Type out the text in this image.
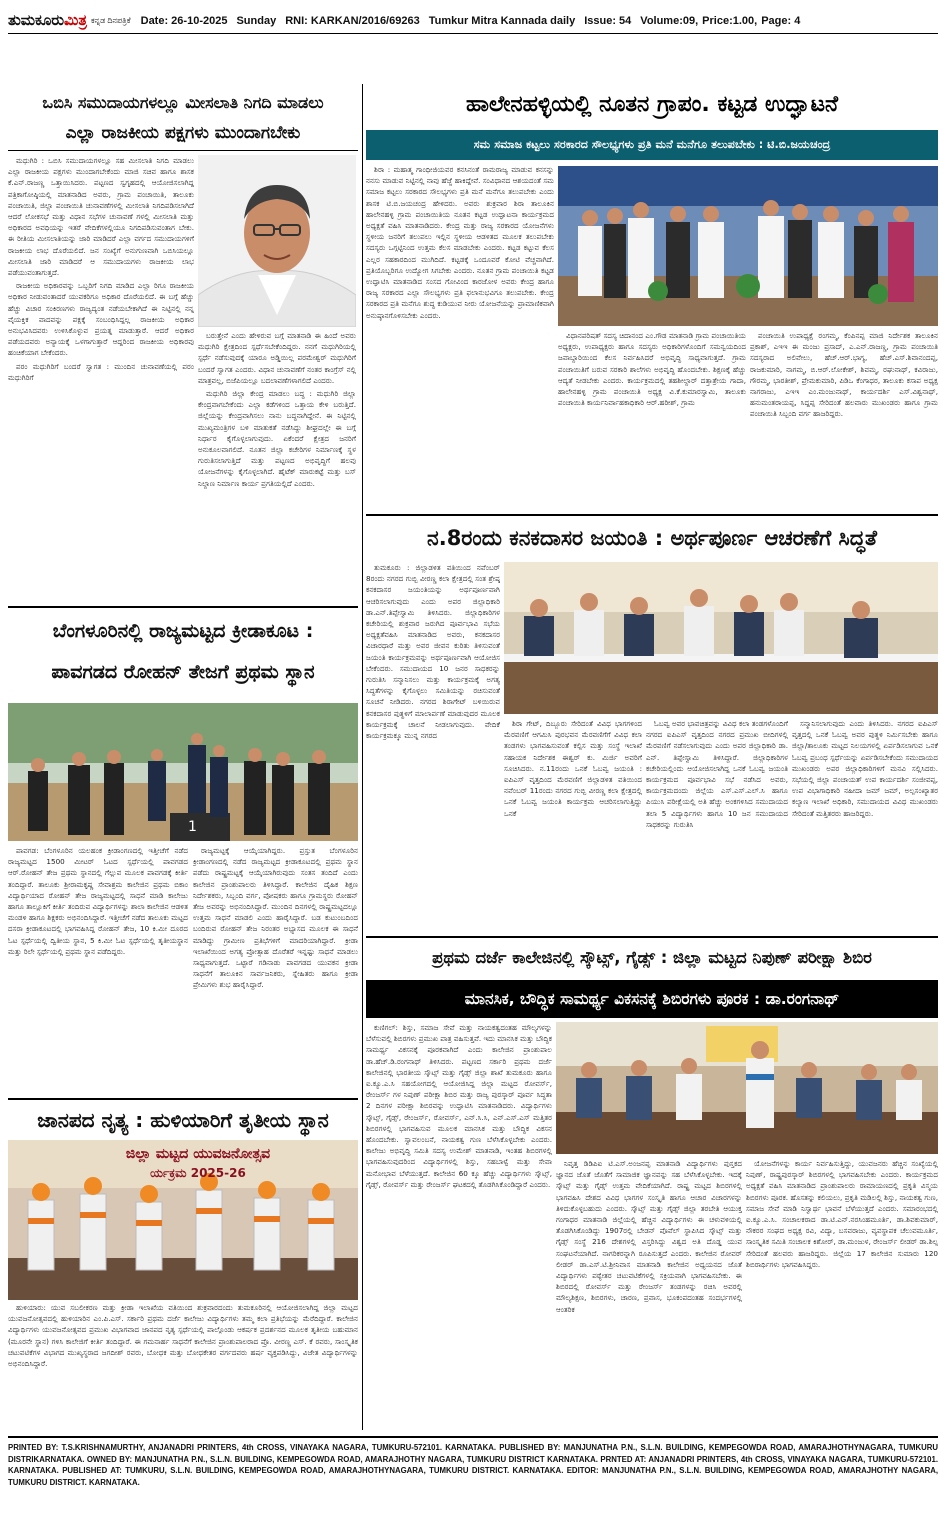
ತುಮಕೂರುಮಿತ್ರ ಕನ್ನಡ ದಿನಪತ್ರಿಕೆ Date: 26-10-2025 Sunday RNI: KARKAN/2016/69263 Tumkur Mitra Kannada daily Issue: 54 Volume:09, Price:1.00, Page: 4
ಒಬಿಸಿ ಸಮುದಾಯಗಳಲ್ಲೂ ಮೀಸಲಾತಿ ನಿಗದಿ ಮಾಡಲು
ಎಲ್ಲಾ ರಾಜಕೀಯ ಪಕ್ಷಗಳು ಮುಂದಾಗಬೇಕು

ಮಧುಗಿರಿ : ಒಬಿಸಿ ಸಮುದಾಯಗಳಲ್ಲೂ ಸಹ ಮೀಸಲಾತಿ ನಿಗದಿ ಮಾಡಲು ಎಲ್ಲಾ ರಾಜಕೀಯ ಪಕ್ಷಗಳು ಮುಂದಾಗಬೇಕೆಂದು ಮಾಜಿ ಸಚಿವ ಹಾಗೂ ಶಾಸಕ ಕೆ.ಎನ್.ರಾಜಣ್ಣ ಒತ್ತಾಯಿಸಿದರು. ಪಟ್ಟಣದ ಸ್ವಗೃಹದಲ್ಲಿ ಆಯೋಜಿಸಲಾಗಿದ್ದ ಪತ್ರಿಕಾಗೋಷ್ಠಿಯಲ್ಲಿ ಮಾತನಾಡಿದ ಅವರು, ಗ್ರಾಮ ಪಂಚಾಯಿತಿ, ತಾಲೂಕು ಪಂಚಾಯಿತಿ, ಜಿಲ್ಲಾ ಪಂಚಾಯಿತಿ ಚುನಾವಣೆಗಳಲ್ಲಿ ಮೀಸಲಾತಿ ನಿಗದಿಪಡಿಸಲಾಗಿದೆ ಆದರೆ ಲೋಕಸಭೆ ಮತ್ತು ವಿಧಾನ ಸಭೆಗಳ ಚುನಾವಣೆ ಗಳಲ್ಲಿ ಮೀಸಲಾತಿ ಮತ್ತು ಅಧಿಕಾರದ ಅವಧಿಯನ್ನು ಇತರೆ ವೇದಿಕೆಗಳಲ್ಲಿಯೂ ನಿಗದಿಪಡಿಸುವಂತಾಗ ಬೇಕು. ಈ ರೀತಿಯ ಮೀಸಲಾತಿಯನ್ನು ಜಾರಿ ಮಾಡಿದರೆ ಎಲ್ಲಾ ವರ್ಗದ ಸಮುದಾಯಗಳಿಗೆ ರಾಜಕೀಯ ಲಾಭ ದೊರೆಯಲಿದೆ. ಜನ ಸಂಖ್ಯೆಗೆ ಅನುಗುಣವಾಗಿ ಒಬಿಸಿಯಲ್ಲೂ ಮೀಸಲಾತಿ ಜಾರಿ ಮಾಡಿದರೆ ಆ ಸಮುದಾಯಗಳು ರಾಜಕೀಯ ಲಾಭ ಪಡೆಯುವಂತಾಗುತ್ತದೆ.

ರಾಜಕೀಯ ಅಧಿಕಾರವನ್ನು ಒಬ್ಬರಿಗೆ ನಿಗದಿ ಮಾಡಿದ ಎಲ್ಲಾ ರಿಗೂ ರಾಜಕೀಯ ಅಧಿಕಾರ ನೀಡುವಂತಾದರೆ ಯುವಕರಿಗೂ ಅಧಿಕಾರ ದೊರೆಯಲಿದೆ. ಈ ಬಗ್ಗೆ ಹೆಚ್ಚು ಹೆಚ್ಚು ವಿಚಾರ ಸಂಕಿರಣಗಳು ರಾಜ್ಯದ್ಯಂತ ನಡೆಯಬೇಕಾಗಿದೆ ಈ ನಿಟ್ಟಿನಲ್ಲಿ ನನ್ನ ವೈಯಕ್ತಿಕ ವಾದವನ್ನು ಪಕ್ಷಕ್ಕೆ ಸಂಬಂಧಿಸಿದ್ದಲ್ಲ ರಾಜಕೀಯ ಅಧಿಕಾರ ಅನುಭವಿಸಿದವರು ಉಳಿಸಿಕೊಳ್ಳುವ ಪ್ರಯತ್ನ ಮಾಡುತ್ತಾರೆ. ಆದರೆ ಅಧಿಕಾರ ಪಡೆಯದವರು ಅನ್ಯಾಯಕ್ಕೆ ಒಳಗಾಗುತ್ತಾರೆ ಆದ್ದರಿಂದ ರಾಜಕೀಯ ಅಧಿಕಾರವು ಹಂಚಿಕೆಯಾಗ ಬೇಕೆಂದರು.

ಪರಂ ಮಧುಗಿರಿಗೆ ಬಂದರೆ ಸ್ವಾಗತ : ಮುಂದಿನ ಚುನಾವಣೆಯಲ್ಲಿ ಪರಂ ಮಧುಗಿರಿಗೆ

ಬರುತ್ತೇನೆ ಎಂದು ಹೇಳಿರುವ ಬಗ್ಗೆ ಮಾತನಾಡಿ ಈ ಹಿಂದೆ ಅವರು ಮಧುಗಿರಿ ಕ್ಷೇತ್ರದಿಂದ ಸ್ಪರ್ಧೆಸಬೇಕೆಂದಿದ್ದರು. ನನಗೆ ಮಧುಗಿರಿಯಲ್ಲಿ ಸ್ಪರ್ಧೆ ನಡೆಸುವುದಕ್ಕೆ ಯಾರೂ ಅಡ್ಡಿಯಿಲ್ಲ ಪರಮೇಶ್ವರ್ ಮಧುಗಿರಿಗೆ ಬಂದರೆ ಸ್ವಾಗತ ಎಂದರು. ವಿಧಾನ ಚುನಾವಣೆಗೆ ನಂತರ ಕಾಂಗ್ರೆಸ್ ನಲ್ಲಿ ಮಾತ್ರವಲ್ಲ, ಬಿಜೆಪಿಯಲ್ಲೂ ಬದಲಾವಣೆಗಳಾಗಲಿದೆ ಎಂದರು.

ಮಧುಗಿರಿ ಜಿಲ್ಲಾ ಕೇಂದ್ರ ಮಾಡಲು ಬದ್ಧ : ಮಧುಗಿರಿ ಜಿಲ್ಲಾ ಕೇಂದ್ರವಾಗಬೇಕೆಂದು ಎಲ್ಲಾ ಕಡೆಗಳಿಂದ ಒತ್ತಾಯ ಕೇಳಿ ಬರುತ್ತಿದೆ. ಜಿಲ್ಲೆಯನ್ನು ಕೇಂದ್ರವಾಗಿಸಲು ನಾನು ಬದ್ಧನಾಗಿದ್ದೇನೆ. ಈ ನಿಟ್ಟಿನಲ್ಲಿ ಮುಖ್ಯಮಂತ್ರಿಗಳ ಬಳಿ ಮಾತುಕತೆ ನಡೆಸಿದ್ದು ಶೀಘ್ರದಲ್ಲೇ ಈ ಬಗ್ಗೆ ನಿರ್ಧಾರ ಕೈಗೊಳ್ಳಲಾಗುವುದು. ಏಕೆಂದರೆ ಕ್ಷೇತ್ರದ ಜನರಿಗೆ ಅನುಕೂಲವಾಗಲಿದೆ. ನೂತನ ಜಿಲ್ಲಾ ಕಚೇರಿಗಳ ನಿರ್ಮಾಣಕ್ಕೆ ಸ್ಥಳ ಗುರುತಿಸಲಾಗುತ್ತಿದೆ ಮತ್ತು ಪಟ್ಟಣದ ಅಭಿವೃದ್ಧಿಗೆ ಹಲವು ಯೋಜನೆಗಳನ್ನು ಕೈಗೊಳ್ಳಲಾಗಿದೆ. ಹೈಟೆಕ್ ಮಾರುಕಟ್ಟೆ ಮತ್ತು ಬಸ್ ನಿಲ್ದಾಣ ನಿರ್ಮಾಣ ಕಾರ್ಯ ಪ್ರಗತಿಯಲ್ಲಿದೆ ಎಂದರು.

ಬೆಂಗಳೂರಿನಲ್ಲಿ ರಾಜ್ಯಮಟ್ಟದ ಕ್ರೀಡಾಕೂಟ :
ಪಾವಗಡದ ರೋಹನ್ ತೇಜಗೆ ಪ್ರಥಮ ಸ್ಥಾನ
1

ಪಾವಗಡ: ಬೆಂಗಳೂರಿನ ಯಲಹಂಕ ಕ್ರೀಡಾಂಗಣದಲ್ಲಿ ಇತ್ತೀಚೆಗೆ ನಡೆದ ರಾಜ್ಯಮಟ್ಟದ 1500 ಮೀಟರ್ ಓಟದ ಸ್ಪರ್ಧೆಯಲ್ಲಿ ಪಾವಗಡದ ಆರ್.ರೋಹನ್ ತೇಜ ಪ್ರಥಮ ಸ್ಥಾನದಲ್ಲಿ ಗೆಲ್ಲುವ ಮೂಲಕ ಪಾವಗಡಕ್ಕೆ ಕೀರ್ತಿ ತಂದಿದ್ದಾರೆ. ತಾಲೂಕು ಶ್ರೀರಾಮಕೃಷ್ಣ ಸೇವಾಶ್ರಮ ಕಾಲೇಜಿನ ಪ್ರಥಮ ಬಿಕಾಂ ವಿದ್ಯಾರ್ಥಿಯಾದ ರೋಹನ್ ತೇಜ ರಾಜ್ಯಮಟ್ಟದಲ್ಲಿ ಸಾಧನೆ ಮಾಡಿ ಕಾಲೇಜು ಹಾಗೂ ತಾಲ್ಲೂಕಿಗೆ ಕೀರ್ತಿ ತಂದಿರುವ ವಿದ್ಯಾರ್ಥಿಗಳನ್ನು ಶಾಲಾ ಕಾಲೇಜಿನ ಆಡಳಿತ ಮಂಡಳಿ ಹಾಗೂ ಶಿಕ್ಷಕರು ಅಭಿನಂದಿಸಿದ್ದಾರೆ. ಇತ್ತೀಚೆಗೆ ನಡೆದ ತಾಲೂಕು ಮಟ್ಟದ ದಸರಾ ಕ್ರೀಡಾಕೂಟದಲ್ಲಿ ಭಾಗವಹಿಸಿದ್ದ ರೋಹನ್ ತೇಜ, 10 ಕಿ.ಮೀ ದೂರದ ಓಟ ಸ್ಪರ್ಧೆಯಲ್ಲಿ ದ್ವಿತೀಯ ಸ್ಥಾನ, 5 ಕಿ.ಮೀ ಓಟ ಸ್ಪರ್ಧೆಯಲ್ಲಿ ತೃತೀಯಸ್ಥಾನ ಮತ್ತು ರಿಲೇ ಸ್ಪರ್ಧೆಯಲ್ಲಿ ಪ್ರಥಮ ಸ್ಥಾನ ಪಡೆದಿದ್ದರು.

ರಾಜ್ಯಮಟ್ಟಕ್ಕೆ ಆಯ್ಕೆಯಾಗಿದ್ದರು. ಪ್ರಸ್ತುತ ಬೆಂಗಳೂರಿನ ಕ್ರೀಡಾಂಗಣದಲ್ಲಿ ನಡೆದ ರಾಜ್ಯಮಟ್ಟದ ಕ್ರೀಡಾಕೂಟದಲ್ಲಿ ಪ್ರಥಮ ಸ್ಥಾನ ಪಡೆದು ರಾಷ್ಟ್ರಮಟ್ಟಕ್ಕೆ ಆಯ್ಕೆಯಾಗಿರುವುದು ಸಂತಸ ತಂದಿದೆ ಎಂದು ಕಾಲೇಜಿನ ಪ್ರಾಂಶುಪಾಲರು ತಿಳಿಸಿದ್ದಾರೆ. ಕಾಲೇಜಿನ ದೈಹಿಕ ಶಿಕ್ಷಣ ನಿರ್ದೇಶಕರು, ಸಿಬ್ಬಂದಿ ವರ್ಗ, ಪೋಷಕರು ಹಾಗೂ ಗ್ರಾಮಸ್ಥರು ರೋಹನ್ ತೇಜ ಅವರನ್ನು ಅಭಿನಂದಿಸಿದ್ದಾರೆ. ಮುಂದಿನ ದಿನಗಳಲ್ಲಿ ರಾಷ್ಟ್ರಮಟ್ಟದಲ್ಲೂ ಉತ್ತಮ ಸಾಧನೆ ಮಾಡಲಿ ಎಂದು ಹಾರೈಸಿದ್ದಾರೆ. ಬಡ ಕುಟುಂಬದಿಂದ ಬಂದಿರುವ ರೋಹನ್ ತೇಜ ನಿರಂತರ ಅಭ್ಯಾಸದ ಮೂಲಕ ಈ ಸಾಧನೆ ಮಾಡಿದ್ದು ಗ್ರಾಮೀಣ ಪ್ರತಿಭೆಗಳಿಗೆ ಮಾದರಿಯಾಗಿದ್ದಾರೆ. ಕ್ರೀಡಾ ಇಲಾಖೆಯಿಂದ ಅಗತ್ಯ ಪ್ರೋತ್ಸಾಹ ದೊರೆತರೆ ಇನ್ನಷ್ಟು ಸಾಧನೆ ಮಾಡಲು ಸಾಧ್ಯವಾಗುತ್ತದೆ. ಒಟ್ಟಾರೆ ಗಡಿನಾಡು ಪಾವಗಡದ ಯುವಕನ ಕ್ರೀಡಾ ಸಾಧನೆಗೆ ತಾಲೂಕಿನ ಸಾರ್ವಜನಿಕರು, ಸ್ನೇಹಿತರು ಹಾಗೂ ಕ್ರೀಡಾ ಪ್ರೇಮಿಗಳು ಶುಭ ಹಾರೈಸಿದ್ದಾರೆ.

ಜಾನಪದ ನೃತ್ಯ : ಹುಳಿಯಾರಿಗೆ ತೃತೀಯ ಸ್ಥಾನ
ಜಿಲ್ಲಾ ಮಟ್ಟದ ಯುವಜನೋತ್ಸವ
ರ್ಯಕ್ರಮ 2025-26

ಹುಳಿಯಾರು: ಯುವ ಸಬಲೀಕರಣ ಮತ್ತು ಕ್ರೀಡಾ ಇಲಾಖೆಯ ವತಿಯಿಂದ ಶುಕ್ರವಾರದಂದು ತುಮಕೂರಿನಲ್ಲಿ ಆಯೋಜಿಸಲಾಗಿದ್ದ ಜಿಲ್ಲಾ ಮಟ್ಟದ ಯುವಜನೋತ್ಸವದಲ್ಲಿ ಹುಳಿಯಾರಿನ ಎಂ.ಪಿ.ಎಸ್. ಸರ್ಕಾರಿ ಪ್ರಥಮ ದರ್ಜೆ ಕಾಲೇಜು ವಿದ್ಯಾರ್ಥಿಗಳು ತಮ್ಮ ಕಲಾ ಪ್ರತಿಭೆಯನ್ನು ಮೆರೆದಿದ್ದಾರೆ. ಕಾಲೇಜಿನ ವಿದ್ಯಾರ್ಥಿಗಳು ಯುವಜನೋತ್ಸವದ ಪ್ರಮುಖ ವಿಭಾಗವಾದ ಜಾನಪದ ನೃತ್ಯ ಸ್ಪರ್ಧೆಯಲ್ಲಿ ಪಾಲ್ಗೊಂಡು ಆಕರ್ಷಕ ಪ್ರದರ್ಶನದ ಮೂಲಕ ತೃತೀಯ ಬಹುಮಾನ (ಮೂರನೇ ಸ್ಥಾನ) ಗಳಿಸಿ ಕಾಲೇಜಿಗೆ ಕೀರ್ತಿ ತಂದಿದ್ದಾರೆ. ಈ ಗಮನಾರ್ಹ ಸಾಧನೆಗೆ ಕಾಲೇಜಿನ ಪ್ರಾಂಶುಪಾಲರಾದ ಪ್ರೊ. ವೀರಣ್ಣ ಎಸ್. ಕೆ ರವರು, ಸಾಂಸ್ಕೃತಿಕ ಚಟುವಟಿಕೆಗಳ ವಿಭಾಗದ ಮುಖ್ಯಸ್ಥರಾದ ಜಗದೀಶ್ ರವರು, ಬೋಧಕ ಮತ್ತು ಬೋಧಕೇತರ ವರ್ಗದವರು ಹರ್ಷ ವ್ಯಕ್ತಪಡಿಸಿದ್ದು, ವಿಜೇತ ವಿದ್ಯಾರ್ಥಿಗಳನ್ನು ಅಭಿನಂದಿಸಿದ್ದಾರೆ.

ಹಾಲೇನಹಳ್ಳಿಯಲ್ಲಿ ನೂತನ ಗ್ರಾಪಂ. ಕಟ್ಟಡ ಉದ್ಘಾಟನೆ
ಸಮ ಸಮಾಜ ಕಟ್ಟಲು ಸರಕಾರದ ಸೌಲಭ್ಯಗಳು ಪ್ರತಿ ಮನೆ ಮನೆಗೂ ತಲುಪಬೇಕು : ಟಿ.ಬಿ.ಜಯಚಂದ್ರ

ಶಿರಾ : ಮಹಾತ್ಮ ಗಾಂಧೀಜಿಯವರ ಕನಸಿನಂತೆ ರಾಮರಾಜ್ಯ ಮಾಡುವ ಕನಸನ್ನು ನನಸು ಮಾಡುವ ನಿಟ್ಟಿನಲ್ಲಿ ನಾವು ಹೆಜ್ಜೆ ಹಾಕಿದ್ದೇವೆ. ಸಂವಿಧಾನದ ಆಶಯದಂತೆ ಸಮ ಸಮಾಜ ಕಟ್ಟಲು ಸರಕಾರದ ಸೌಲಭ್ಯಗಳು ಪ್ರತಿ ಮನೆ ಮನೆಗೂ ತಲುಪಬೇಕು ಎಂದು ಶಾಸಕ ಟಿ.ಬಿ.ಜಯಚಂದ್ರ ಹೇಳಿದರು. ಅವರು ಶುಕ್ರವಾರ ಶಿರಾ ತಾಲೂಕಿನ ಹಾಲೇನಹಳ್ಳಿ ಗ್ರಾಮ ಪಂಚಾಯಿತಿಯ ನೂತನ ಕಟ್ಟಡ ಉದ್ಘಾಟನಾ ಕಾರ್ಯಕ್ರಮದ ಅಧ್ಯಕ್ಷತೆ ವಹಿಸಿ ಮಾತನಾಡಿದರು. ಕೇಂದ್ರ ಮತ್ತು ರಾಜ್ಯ ಸರಕಾರದ ಯೋಜನೆಗಳು ಸ್ಥಳೀಯ ಜನರಿಗೆ ತಲುಪಲು ಇಲ್ಲಿನ ಸ್ಥಳೀಯ ಆಡಳಿತದ ಮೂಲಕ ತಲುಪಬೇಕು ಸದಸ್ಯರು ಒಗ್ಗಟ್ಟಿನಿಂದ ಉತ್ತಮ ಕೆಲಸ ಮಾಡಬೇಕು ಎಂದರು. ಕಟ್ಟಡ ಕಟ್ಟುವ ಕೆಲಸ ಎಲ್ಲರ ಸಹಕಾರದಿಂದ ಮುಗಿದಿದೆ. ಕಟ್ಟಡಕ್ಕೆ ಒಂದೂವರೆ ಕೋಟಿ ವೆಚ್ಚವಾಗಿದೆ. ಪ್ರತಿಯೊಬ್ಬರಿಗೂ ಉದ್ಯೋಗ ಸಿಗಬೇಕು ಎಂದರು. ನೂತನ ಗ್ರಾಮ ಪಂಚಾಯಿತಿ ಕಟ್ಟಡ ಉದ್ಘಾಟಿಸಿ ಮಾತನಾಡಿದ ಸಂಸದ ಗೋವಿಂದ ಕಾರಜೋಳ ಅವರು ಕೇಂದ್ರ ಹಾಗೂ ರಾಜ್ಯ ಸರಕಾರದ ಎಲ್ಲಾ ಸೌಲಭ್ಯಗಳು ಪ್ರತಿ ಫಲಾನುಭವಿಗೂ ತಲುಪಬೇಕು. ಕೇಂದ್ರ ಸರಕಾರದ ಪ್ರತಿ ಮನೆಗೂ ಶುದ್ಧ ಕುಡಿಯುವ ನೀರು ಯೋಜನೆಯನ್ನು ಪ್ರಾಮಾಣಿಕವಾಗಿ ಅನುಷ್ಠಾನಗೊಳಿಸಬೇಕು ಎಂದರು.

ವಿಧಾನಪರಿಷತ್ ಸದಸ್ಯ ಚಿದಾನಂದ ಎಂ.ಗೌಡ ಮಾತನಾಡಿ ಗ್ರಾಮ ಪಂಚಾಯಿತಿಯ ಅಧ್ಯಕ್ಷರು, ಉಪಾಧ್ಯಕ್ಷರು ಹಾಗೂ ಸದಸ್ಯರು ಅಧಿಕಾರಿಗಳೊಂದಿಗೆ ಸಮನ್ವಯದಿಂದ ಜವಾಬ್ದಾರಿಯಿಂದ ಕೆಲಸ ನಿರ್ವಹಿಸಿದರೆ ಅಭಿವೃದ್ಧಿ ಸಾಧ್ಯವಾಗುತ್ತದೆ. ಗ್ರಾಮ ಪಂಚಾಯಿತಿಗೆ ಬರುವ ಸರಕಾರಿ ಶಾಲೆಗಳು ಅಭಿವೃದ್ಧಿ ಹೊಂದಬೇಕು. ಶಿಕ್ಷಣಕ್ಕೆ ಹೆಚ್ಚು ಆದ್ಯತೆ ನೀಡಬೇಕು ಎಂದರು. ಕಾರ್ಯಕ್ರಮದಲ್ಲಿ ತಹಶೀಲ್ದಾರ್ ದತ್ತಾತ್ರೇಯ ಗಾದಾ, ಹಾಲೇನಹಳ್ಳಿ ಗ್ರಾಮ ಪಂಚಾಯಿತಿ ಅಧ್ಯಕ್ಷ ವಿ.ಕೆ.ಕುಮಾರಸ್ವಾಮಿ, ತಾಲೂಕು ಪಂಚಾಯಿತಿ ಕಾರ್ಯನಿರ್ವಾಹಕಾಧಿಕಾರಿ ಆರ್.ಹರೀಶ್, ಗ್ರಾಮ

ಪಂಚಾಯಿತಿ ಉಪಾಧ್ಯಕ್ಷೆ ರಂಗಮ್ಮ, ಕೆಂಪಿನಪ್ಪ ಮಾಜಿ ನಿರ್ದೇಶಕ ತಾಲೂಕಿನ ಪ್ರಕಾಶ್, ಎಇಇ ಈ ಮಂಜು ಪ್ರಸಾದ್, ಎ.ಎನ್.ರಾಜಣ್ಣ, ಗ್ರಾಮ ಪಂಚಾಯಿತಿ ಸದಸ್ಯರಾದ ಅಲಿವೇಲು, ಹೆಚ್.ಆರ್.ಭಾಗ್ಯ, ಹೆಚ್.ಎಸ್.ಶಿವಾನಂದಪ್ಪ, ರಾಜಕುಮಾರಿ, ನಾಗಮ್ಮ, ಬಿ.ಆರ್.ಲೋಕೇಶ್, ಶಿವಮ್ಮ, ರಘುನಾಥ್, ಕವಿರಾಜು, ಗೌರಮ್ಮ, ಭಾರತೀಶ್, ಪ್ರೇಮಕುಮಾರಿ, ಪಿಡಿಒ ಕೆಂಗಾಧರ, ತಾಲೂಕು ಕಸಾಪ ಅಧ್ಯಕ್ಷ ನಾಗರಾಜು, ಎಇಇ ಎಂ.ಮಂಜುನಾಥ್, ಕಾರ್ಯದರ್ಶಿ ಎಸ್.ವಿಶ್ವನಾಥ್, ಹನುಮಂತರಾಯಪ್ಪ, ಸಿದ್ದಪ್ಪ ಸೇರಿದಂತೆ ಹಲವಾರು ಮುಖಂಡರು ಹಾಗೂ ಗ್ರಾಮ ಪಂಚಾಯಿತಿ ಸಿಬ್ಬಂದಿ ವರ್ಗ ಹಾಜರಿದ್ದರು.

ನ.8ರಂದು ಕನಕದಾಸರ ಜಯಂತಿ : ಅರ್ಥಪೂರ್ಣ ಆಚರಣೆಗೆ ಸಿದ್ಧತೆ

ತುಮಕೂರು : ಜಿಲ್ಲಾಡಳಿತ ವತಿಯಿಂದ ನವೆಂಬರ್ 8ರಂದು ನಗರದ ಗುಬ್ಬಿ ವೀರಣ್ಣ ಕಲಾ ಕ್ಷೇತ್ರದಲ್ಲಿ ಸಂತ ಶ್ರೇಷ್ಠ ಕನಕದಾಸರ ಜಯಂತಿಯನ್ನು ಅರ್ಥಪೂರ್ಣವಾಗಿ ಆಚರಿಸಲಾಗುವುದು ಎಂದು ಅಪರ ಜಿಲ್ಲಾಧಿಕಾರಿ ಡಾ.ಎನ್.ತಿಪ್ಪೇಸ್ವಾಮಿ ತಿಳಿಸಿದರು. ಜಿಲ್ಲಾಧಿಕಾರಿಗಳ ಕಚೇರಿಯಲ್ಲಿ ಶುಕ್ರವಾರ ಜರುಗಿದ ಪೂರ್ವಭಾವಿ ಸಭೆಯ ಅಧ್ಯಕ್ಷತೆವಹಿಸಿ ಮಾತನಾಡಿದ ಅವರು, ಕನಕದಾಸರ ವಿಚಾರಧಾರೆ ಮತ್ತು ಅವರ ಜೀವನ ಕುರಿತು ತಿಳಿಸುವಂತೆ ಜಯಂತಿ ಕಾರ್ಯಕ್ರಮವನ್ನು ಅರ್ಥಪೂರ್ಣವಾಗಿ ಆಯೋಜಿಸ ಬೇಕೆಂದರು. ಸಮುದಾಯದ 10 ಜನರ ಸಾಧಕರನ್ನು ಗುರುತಿಸಿ ಸನ್ಮಾನಿಸಲು ಮತ್ತು ಕಾರ್ಯಕ್ರಮಕ್ಕೆ ಅಗತ್ಯ ಸಿದ್ಧತೆಗಳನ್ನು ಕೈಗೊಳ್ಳಲು ಸಮಿತಿಯನ್ನು ರಚಿಸುವಂತೆ ಸೂಚನೆ ನೀಡಿದರು. ನಗರದ ಶಿರಾಗೇಟ್ ಬಳಿಯಿರುವ ಕನಕದಾಸರ ಪುತ್ಥಳಿಗೆ ಮಾಲಾರ್ಪಣೆ ಮಾಡುವುದರ ಮೂಲಕ ಕಾರ್ಯಕ್ರಮಕ್ಕೆ ಚಾಲನೆ ನೀಡಲಾಗುವುದು. ವೇದಿಕೆ ಕಾರ್ಯಕ್ರಮಕ್ಕೂ ಮುನ್ನ ನಗರದ

ಶಿರಾ ಗೇಟ್, ದಿಬ್ಬೂರು ಸೇರಿದಂತೆ ವಿವಿಧ ಭಾಗಗಳಿಂದ ಮೆರವಣಿಗೆ ಆಗಮಿಸಿ ಪುರಭವನ ಮೆರವಣಿಗೆಗೆ ವಿವಿಧ ಕಲಾ ತಂಡಗಳು ಭಾಗವಹಿಸುವಂತೆ ಕಲ್ಪಿಸ ಮತ್ತು ಸಂಸ್ಥೆ ಇಲಾಖೆ ಸಹಾಯಕ ನಿರ್ದೇಶಕ ಈಶ್ವರ್ ಕು. ಮಿರ್ಜಿ ಅವರಿಗೆ ಸೂಚಿಸಿದರು. ನ.11ರಂದು ಒನಕೆ ಓಬವ್ವ ಜಯಂತಿ : ಐಪಿಎಸ್ ವೃತ್ತದಿಂದ ಮೆರವಣಿಗೆ ಜಿಲ್ಲಾಡಳಿತ ವತಿಯಿಂದ ನವೆಂಬರ್ 11ರಂದು ನಗರದ ಗುಬ್ಬಿ ವೀರಣ್ಣ ಕಲಾ ಕ್ಷೇತ್ರದಲ್ಲಿ ಒನಕೆ ಓಬವ್ವ ಜಯಂತಿ ಕಾರ್ಯಕ್ರಮ ಆಚರಿಸಲಾಗುತ್ತಿದ್ದು ಒನಕೆ

ಓಬವ್ವ ಅವರ ಭಾವಚಿತ್ರವನ್ನು ವಿವಿಧ ಕಲಾ ತಂಡಗಳೊಂದಿಗೆ ನಗರದ ಐಪಿಎಸ್ ವೃತ್ತದಿಂದ ನಗರದ ಪ್ರಮುಖ ಬೀದಿಗಳಲ್ಲಿ ಮೆರವಣಿಗೆ ನಡೆಸಲಾಗುವುದು ಎಂದು ಅಪರ ಜಿಲ್ಲಾಧಿಕಾರಿ ಡಾ. ಎನ್. ತಿಪ್ಪೇಸ್ವಾಮಿ ತಿಳಿಸಿದ್ದಾರೆ. ಜಿಲ್ಲಾಧಿಕಾರಿಗಳ ಕಚೇರಿಯಲ್ಲಿಂದು ಆಯೋಜಿಸಲಾಗಿದ್ದ ಒನಕೆ ಓಬವ್ವ ಜಯಂತಿ ಕಾರ್ಯಕ್ರಮದ ಪೂರ್ವಭಾವಿ ಸಭೆ ನಡೆಸಿದ ಅವರು, ಕಾರ್ಯಕ್ರಮದಂದು ಜಿಲ್ಲೆಯ ಎಸ್.ಎಸ್.ಎಲ್.ಸಿ ಹಾಗೂ ಪಿಯುಸಿ ಪರೀಕ್ಷೆಯಲ್ಲಿ ಅತಿ ಹೆಚ್ಚು ಅಂಕಗಳಿಸಿದ ಸಮುದಾಯದ ತಲಾ 5 ವಿದ್ಯಾರ್ಥಿಗಳು ಹಾಗೂ 10 ಜನ ಸಮುದಾಯದ ಸಾಧಕರನ್ನು ಗುರುತಿಸಿ

ಸನ್ಮಾನಿಸಲಾಗುವುದು ಎಂದು ತಿಳಿಸಿದರು. ನಗರದ ಐಪಿಎಸ್ ವೃತ್ತದಲ್ಲಿ ಒನಕೆ ಓಬವ್ವ ಅವರ ಪುತ್ಥಳಿ ನಿರ್ಮಿಸಬೇಕು ಹಾಗೂ ಜಿಲ್ಲಾ/ತಾಲೂಕು ಮಟ್ಟದ ನಿಲಯಗಳಲ್ಲಿ ಏರ್ಪಡಿಸಲಾಗುವ ಒನಕೆ ಓಬವ್ವ ಪ್ರಬಂಧ ಸ್ಪರ್ಧೆಯನ್ನು ಏರ್ಪಡಿಸಬೇಕೆಂದು ಸಮುದಾಯದ ಮುಖಂಡರು ಅಪರ ಜಿಲ್ಲಾಧಿಕಾರಿಗಳಿಗೆ ಮನವಿ ಸಲ್ಲಿಸಿದರು. ಸಭೆಯಲ್ಲಿ ಜಿಲ್ಲಾ ಪಂಚಾಯತ್ ಉಪ ಕಾರ್ಯದರ್ಶಿ ಸಂಜೀವಪ್ಪ, ಉಪ ವಿಭಾಗಾಧಿಕಾರಿ ನಹೀದಾ ಜಮ್ ಜಮ್, ಅಲ್ಪಸಂಖ್ಯಾತರ ಕಲ್ಯಾಣ ಇಲಾಖೆ ಅಧಿಕಾರಿ, ಸಮುದಾಯದ ವಿವಿಧ ಮುಖಂಡರು ಸೇರಿದಂತೆ ಮತ್ತಿತರರು ಹಾಜರಿದ್ದರು.

ಪ್ರಥಮ ದರ್ಜೆ ಕಾಲೇಜಿನಲ್ಲಿ ಸ್ಕೌಟ್ಸ್, ಗೈಡ್ಸ್ : ಜಿಲ್ಲಾ ಮಟ್ಟದ ನಿಪುಣ್ ಪರೀಕ್ಷಾ ಶಿಬಿರ
ಮಾನಸಿಕ, ಬೌದ್ಧಿಕ ಸಾಮರ್ಥ್ಯ ವಿಕಸನಕ್ಕೆ ಶಿಬಿರಗಳು ಪೂರಕ : ಡಾ.ರಂಗನಾಥ್

ಕುಣಿಗಲ್: ಶಿಸ್ತು, ಸಮಾಜ ಸೇವೆ ಮತ್ತು ನಾಯಕತ್ವದಂತಹ ಮೌಲ್ಯಗಳನ್ನು ಬೆಳೆಸುವಲ್ಲಿ ಶಿಬಿರಗಳು ಪ್ರಮುಖ ಪಾತ್ರ ವಹಿಸುತ್ತವೆ. ಇದು ಮಾನಸಿಕ ಮತ್ತು ಬೌದ್ಧಿಕ ಸಾಮರ್ಥ್ಯ ವಿಕಸನಕ್ಕೆ ಪೂರಕವಾಗಿದೆ ಎಂದು ಕಾಲೇಜಿನ ಪ್ರಾಂಶುಪಾಲ ಡಾ.ಹೆಚ್.ಡಿ.ರಂಗನಾಥ್ ತಿಳಿಸಿದರು. ಪಟ್ಟಣದ ಸರ್ಕಾರಿ ಪ್ರಥಮ ದರ್ಜೆ ಕಾಲೇಜಿನಲ್ಲಿ ಭಾರತೀಯ ಸ್ಕೌಟ್ಸ್ ಮತ್ತು ಗೈಡ್ಸ್ ಜಿಲ್ಲಾ ಶಾಖೆ ತುಮಕೂರು ಹಾಗೂ ಐ.ಕ್ಯೂ.ಎ.ಸಿ ಸಹಯೋಗದಲ್ಲಿ ಆಯೋಜಿಸಿದ್ದ ಜಿಲ್ಲಾ ಮಟ್ಟದ ರೋವರ್ಸ್, ರೇಂಜರ್ಸ್ ಗಳ ನಿಪುಣ್ ಪರೀಕ್ಷಾ ಶಿಬಿರ ಮತ್ತು ರಾಜ್ಯ ಪುರಸ್ಕಾರ್ ಪೂರ್ವ ಸಿದ್ಧತಾ 2 ದಿನಗಳ ಪರೀಕ್ಷಾ ಶಿಬಿರವನ್ನು ಉದ್ಘಾಟಿಸಿ ಮಾತನಾಡಿದರು. ವಿದ್ಯಾರ್ಥಿಗಳು ಸ್ಕೌಟ್ಸ್, ಗೈಡ್ಸ್, ರೇಂಜರ್ಸ್, ರೋವರ್ಸ್, ಎನ್.ಸಿ.ಸಿ, ಎನ್.ಎಸ್.ಎಸ್ ಮತ್ತಿತರ ಶಿಬಿರಗಳಲ್ಲಿ ಭಾಗವಹಿಸುವ ಮೂಲಕ ಮಾನಸಿಕ ಮತ್ತು ಬೌದ್ಧಿಕ ವಿಕಸನ ಹೊಂದಬೇಕು. ಸ್ವಾವಲಂಬನೆ, ನಾಯಕತ್ವ ಗುಣ ಬೆಳೆಸಿಕೊಳ್ಳಬೇಕು ಎಂದರು. ಕಾಲೇಜು ಅಭಿವೃದ್ಧಿ ಸಮಿತಿ ಸದಸ್ಯ ಉಮೇಶ್ ಮಾತನಾಡಿ, ಇಂತಹ ಶಿಬಿರಗಳಲ್ಲಿ ಭಾಗವಹಿಸುವುದರಿಂದ ವಿದ್ಯಾರ್ಥಿಗಳಲ್ಲಿ ಶಿಸ್ತು, ಸಹಬಾಳ್ವೆ ಮತ್ತು ಸೇವಾ ಮನೋಭಾವ ಬೆಳೆಯುತ್ತದೆ. ಕಾಲೇಜಿನ 60 ಕ್ಕೂ ಹೆಚ್ಚು ವಿದ್ಯಾರ್ಥಿಗಳು ಸ್ಕೌಟ್ಸ್, ಗೈಡ್ಸ್, ರೋವರ್ಸ್ ಮತ್ತು ರೇಂಜರ್ಸ್ ಘಟಕದಲ್ಲಿ ತೊಡಗಿಸಿಕೊಂಡಿದ್ದಾರೆ ಎಂದರು.

ನಿವೃತ್ತ ಡಿಡಿಪಿಐ ಟಿ.ಎಸ್.ಅಂಜನಪ್ಪ ಮಾತನಾಡಿ ವಿದ್ಯಾರ್ಥಿಗಳು ಪುಸ್ತಕದ ಜ್ಞಾನದ ಜೊತೆ ಜೊತೆಗೆ ಸಾಮಾಜಿಕ ಜ್ಞಾನವನ್ನು ಸಹ ಬೆಳೆಸಿಕೊಳ್ಳಬೇಕು. ಇದಕ್ಕೆ ಸ್ಕೌಟ್ಸ್ ಮತ್ತು ಗೈಡ್ಸ್ ಉತ್ತಮ ವೇದಿಕೆಯಾಗಿದೆ. ರಾಷ್ಟ್ರ ಮಟ್ಟದ ಶಿಬಿರಗಳಲ್ಲಿ ಭಾಗವಹಿಸಿ ದೇಶದ ವಿವಿಧ ಭಾಗಗಳ ಸಂಸ್ಕೃತಿ ಹಾಗೂ ಆಚಾರ ವಿಚಾರಗಳನ್ನು ತಿಳಿದುಕೊಳ್ಳಬಹುದು ಎಂದರು. ಸ್ಕೌಟ್ಸ್ ಮತ್ತು ಗೈಡ್ಸ್ ಜಿಲ್ಲಾ ತರಬೇತಿ ಆಯುಕ್ತ ಗಂಗಾಧರ ಮಾತನಾಡಿ ಜಿಲ್ಲೆಯಲ್ಲಿ ಹೆಚ್ಚಿನ ವಿದ್ಯಾರ್ಥಿಗಳು ಈ ಚಳುವಳಿಯಲ್ಲಿ ತೊಡಗಿಸಿಕೊಂಡಿದ್ದು 1907ರಲ್ಲಿ ಬೇಡನ್ ಪೊವೆಲ್ ಸ್ಥಾಪಿಸಿದ ಸ್ಕೌಟ್ಸ್ ಮತ್ತು ಗೈಡ್ಸ್ ಸಂಸ್ಥೆ 216 ದೇಶಗಳಲ್ಲಿ ವಿಸ್ತರಿಸಿದ್ದು ವಿಶ್ವದ ಅತಿ ದೊಡ್ಡ ಯುವ ಸಂಘಟನೆಯಾಗಿದೆ. ನಾಗರಿಕರನ್ನಾಗಿ ರೂಪಿಸುತ್ತದೆ ಎಂದರು. ಕಾಲೇಜಿನ ರೋವರ್ ಲೀಡರ್ ಡಾ.ಎಸ್.ಟಿ.ಶ್ರೀನಿವಾಸ ಮಾತನಾಡಿ ಕಾಲೇಜಿನ ಅಧ್ಯಯನದ ಜೊತೆ ವಿದ್ಯಾರ್ಥಿಗಳು ಪಠ್ಯೇತರ ಚಟುವಟಿಕೆಗಳಲ್ಲಿ ಸಕ್ರಿಯವಾಗಿ ಭಾಗವಹಿಸಬೇಕು. ಈ ಶಿಬಿರದಲ್ಲಿ ರೋವರ್ಸ್ ಮತ್ತು ರೇಂಜರ್ಸ್ ತಂಡಗಳನ್ನು ರಚಿಸಿ ಅವರಲ್ಲಿ ಮೌಲ್ಯಶಿಕ್ಷಣ, ಶಿಬಿರಗಳು, ಚಾರಣ, ಪ್ರವಾಸ, ಭೂಕಂಪದಂತಹ ಸಂದರ್ಭಗಳಲ್ಲಿ ಆಂತರಿಕ

ಯೋಜನೆಗಳನ್ನು ಕಾರ್ಯ ನಿರ್ವಹಿಸುತ್ತಿದ್ದು, ಯುವಜನರು ಹೆಚ್ಚಿನ ಸಂಖ್ಯೆಯಲ್ಲಿ ನಿಪುಣ್, ರಾಷ್ಟ್ರಪುರಸ್ಕಾರ್ ಶಿಬಿರಗಳಲ್ಲಿ ಭಾಗವಹಿಸಬೇಕು ಎಂದರು. ಕಾರ್ಯಕ್ರಮದ ಅಧ್ಯಕ್ಷತೆ ವಹಿಸಿ ಮಾತನಾಡಿದ ಪ್ರಾಂಶುಪಾಲರು ರಾಮಾಯಣದಲ್ಲಿ ಪ್ರಕೃತಿ ವಿಸ್ಮಯ ಶಿಬಿರಗಳು ಪೂರಕ. ಹೊಸತನ್ನು ಕಲಿಯಲು, ಪ್ರಕೃತಿ ಮಡಿಲಲ್ಲಿ ಶಿಸ್ತು, ನಾಯಕತ್ವ ಗುಣ, ಸಮಾಜ ಸೇವೆ ಮಾಡಿ ನಿಸ್ವಾರ್ಥ ಭಾವನೆ ಬೆಳೆಯುತ್ತದೆ ಎಂದರು. ಸಮಾರಂಭದಲ್ಲಿ ಐ.ಕ್ಯೂ.ಎ.ಸಿ. ಸಂಚಾಲಕರಾದ ಡಾ.ಟಿ.ಎನ್.ನರಸಿಂಹಮೂರ್ತಿ, ಡಾ.ಶಿವಕುಮಾರ್, ನೌಕರರ ಸಂಘದ ಅಧ್ಯಕ್ಷ ರವಿ, ವಿದ್ಯಾ, ಬಸವರಾಜು, ವ್ಯವಸ್ಥಾಪಕ ಚೆಲುವಮೂರ್ತಿ, ಸಾಂಸ್ಕೃತಿಕ ಸಮಿತಿ ಸಂಚಾಲಕ ಕಿಶೋರ್, ಡಾ.ಮಂಜುಳ, ರೇಂಜರ್ಸ್ ಲೀಡರ್ ಡಾ.ಶಿಲ್ಪ ಸೇರಿದಂತೆ ಹಲವರು ಹಾಜರಿದ್ದರು. ಜಿಲ್ಲೆಯ 17 ಕಾಲೇಜಿನ ಸುಮಾರು 120 ಶಿಬಿರಾರ್ಥಿಗಳು ಭಾಗವಹಿಸಿದ್ದರು.

PRINTED BY: T.S.KRISHNAMURTHY, ANJANADRI PRINTERS, 4th CROSS, VINAYAKA NAGARA, TUMKURU-572101. KARNATAKA. PUBLISHED BY: MANJUNATHA P.N., S.L.N. BUILDING, KEMPEGOWDA ROAD, AMARAJHOTHYNAGARA, TUMKURU DISTRIKARNATAKA. OWNED BY: MANJUNATHA P.N., S.L.N. BUILDING, KEMPEGOWDA ROAD, AMARAJHOTHY NAGARA, TUMKURU DISTRICT KARNATAKA. PRNTED AT: ANJANADRI PRINTERS, 4th CROSS, VINAYAKA NAGARA, TUMKURU-572101. KARNATAKA. PUBLISHED AT: TUMKURU, S.L.N. BUILDING, KEMPEGOWDA ROAD, AMARAJHOTHYNAGARA, TUMKURU DISTRICT. KARNATAKA. EDITOR: MANJUNATHA P.N., S.L.N. BUILDING, KEMPEGOWDA ROAD, AMARAJHOTHY NAGARA, TUMKURU DISTRICT. KARNATAKA.
